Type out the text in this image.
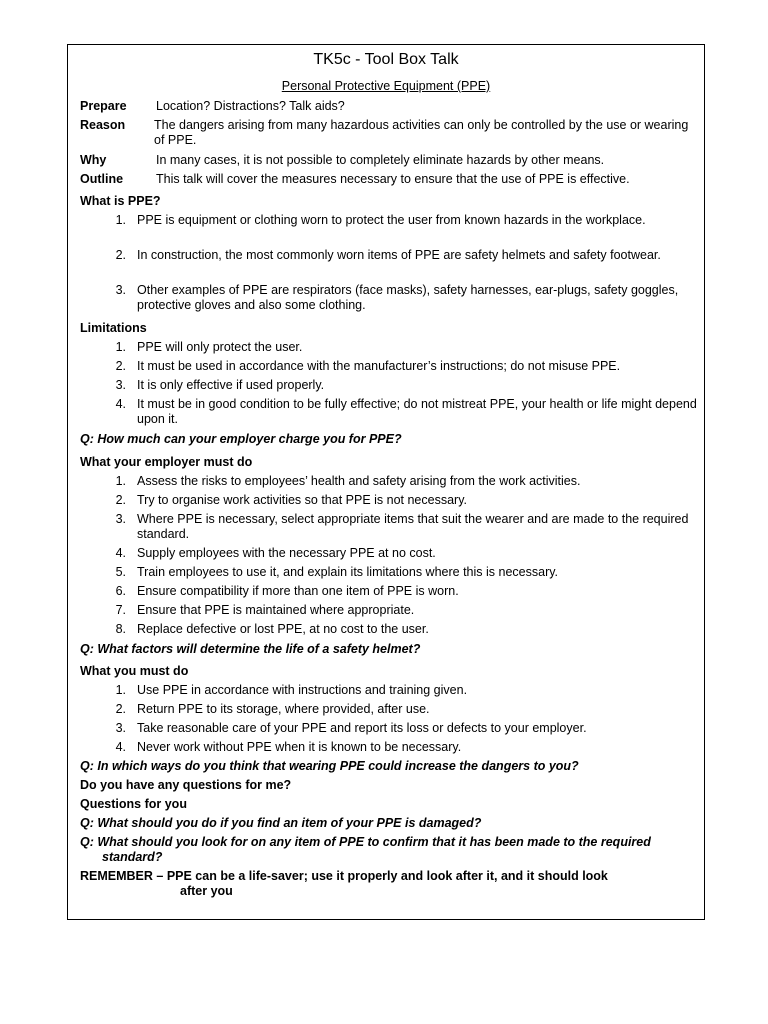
TK5c - Tool Box Talk
Personal Protective Equipment (PPE)
Prepare Location? Distractions? Talk aids?
Reason The dangers arising from many hazardous activities can only be controlled by the use or wearing of PPE.
Why	In many cases, it is not possible to completely eliminate hazards by other means.
Outline	This talk will cover the measures necessary to ensure that the use of PPE is effective.
What is PPE?
1. PPE is equipment or clothing worn to protect the user from known hazards in the workplace.
2. In construction, the most commonly worn items of PPE are safety helmets and safety footwear.
3. Other examples of PPE are respirators (face masks), safety harnesses, ear-plugs, safety goggles, protective gloves and also some clothing.
Limitations
1. PPE will only protect the user.
2. It must be used in accordance with the manufacturer’s instructions; do not misuse PPE.
3. It is only effective if used properly.
4. It must be in good condition to be fully effective; do not mistreat PPE, your health or life might depend upon it.
Q: How much can your employer charge you for PPE?
What your employer must do
1. Assess the risks to employees’ health and safety arising from the work activities.
2. Try to organise work activities so that PPE is not necessary.
3. Where PPE is necessary, select appropriate items that suit the wearer and are made to the required standard.
4. Supply employees with the necessary PPE at no cost.
5. Train employees to use it, and explain its limitations where this is necessary.
6. Ensure compatibility if more than one item of PPE is worn.
7. Ensure that PPE is maintained where appropriate.
8. Replace defective or lost PPE, at no cost to the user.
Q: What factors will determine the life of a safety helmet?
What you must do
1. Use PPE in accordance with instructions and training given.
2. Return PPE to its storage, where provided, after use.
3. Take reasonable care of your PPE and report its loss or defects to your employer.
4. Never work without PPE when it is known to be necessary.
Q: In which ways do you think that wearing PPE could increase the dangers to you?
Do you have any questions for me?
Questions for you
Q: What should you do if you find an item of your PPE is damaged?
Q: What should you look for on any item of PPE to confirm that it has been made to the required standard?
REMEMBER – PPE can be a life-saver; use it properly and look after it, and it should look
after you
